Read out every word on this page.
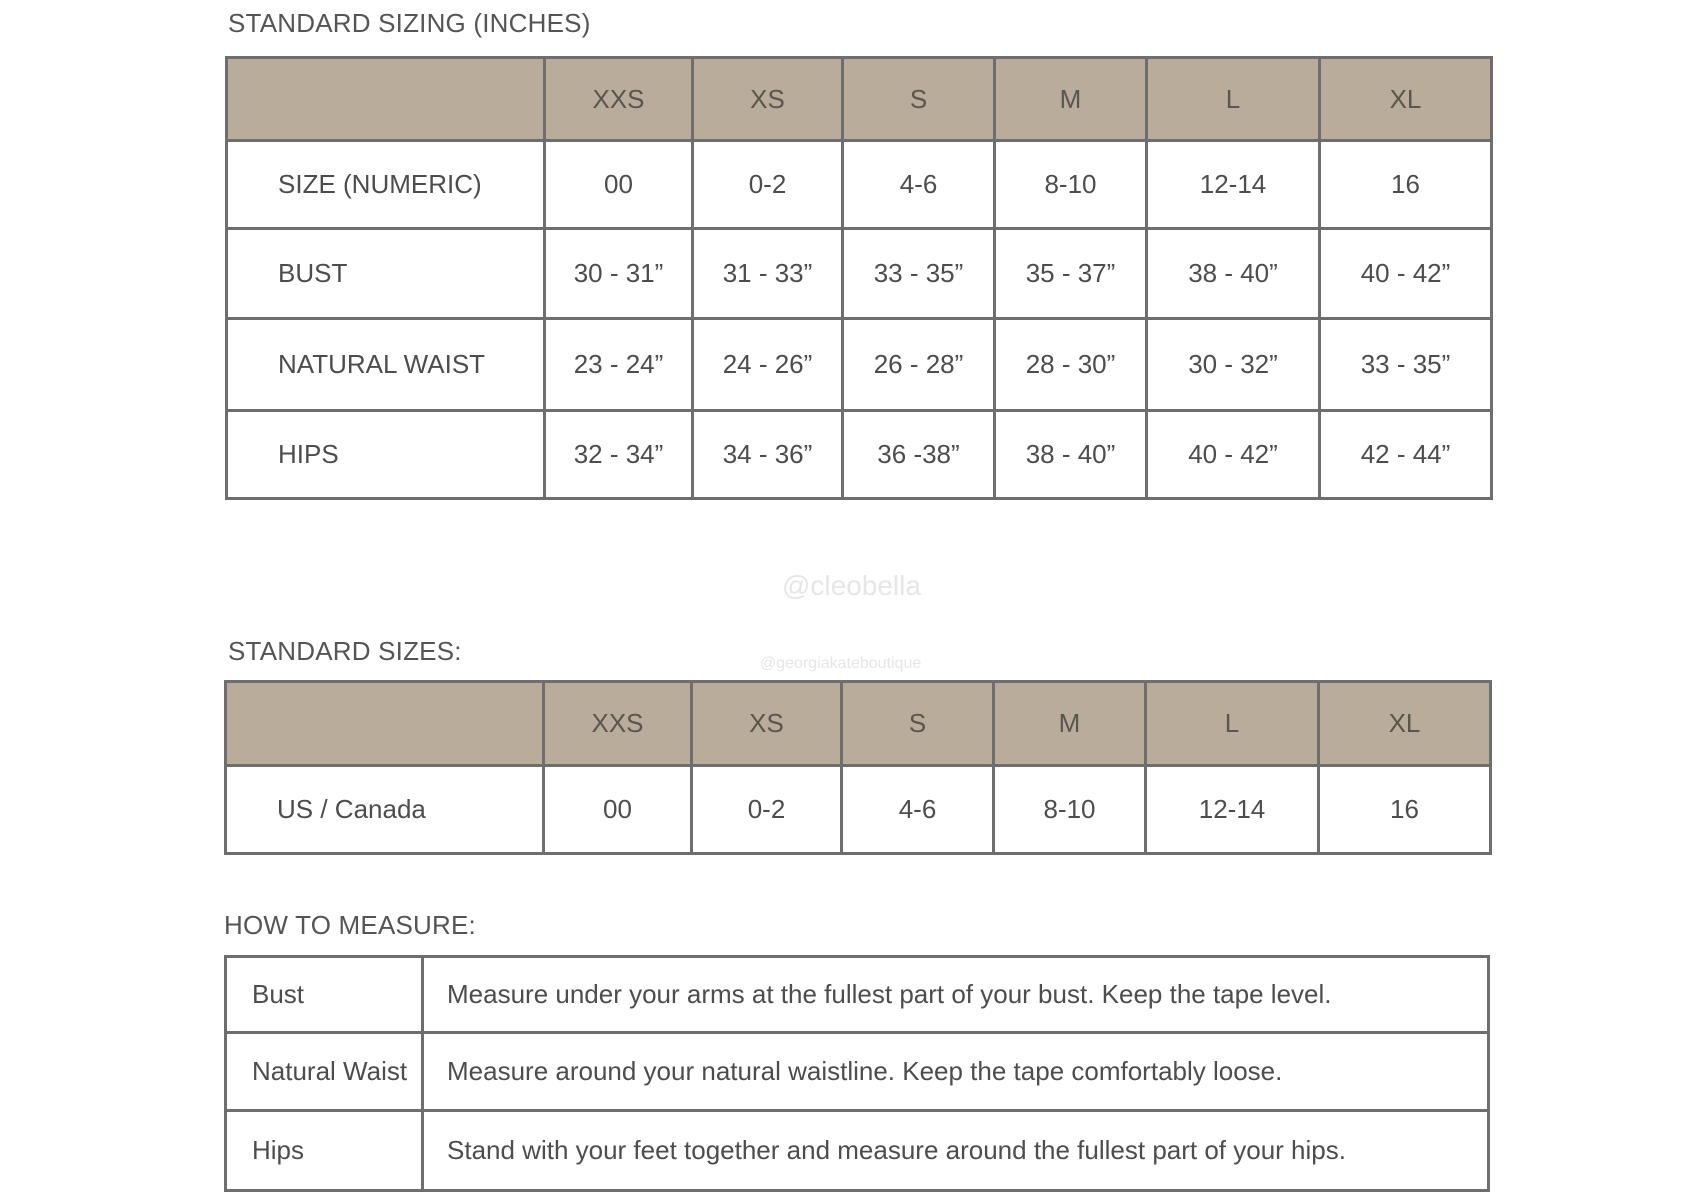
STANDARD SIZING (INCHES)
	XXS	XS	S	M	L	XL
SIZE (NUMERIC)	00	0-2	4-6	8-10	12-14	16
BUST	30 - 31”	31 - 33”	33 - 35”	35 - 37”	38 - 40”	40 - 42”
NATURAL WAIST	23 - 24”	24 - 26”	26 - 28”	28 - 30”	30 - 32”	33 - 35”
HIPS	32 - 34”	34 - 36”	36 -38”	38 - 40”	40 - 42”	42 - 44”

@cleobella

@georgiakateboutique

STANDARD SIZES:
	XXS	XS	S	M	L	XL
US / Canada	00	0-2	4-6	8-10	12-14	16
HOW TO MEASURE:
Bust	Measure under your arms at the fullest part of your bust. Keep the tape level.
Natural Waist	Measure around your natural waistline. Keep the tape comfortably loose.
Hips	Stand with your feet together and measure around the fullest part of your hips.
